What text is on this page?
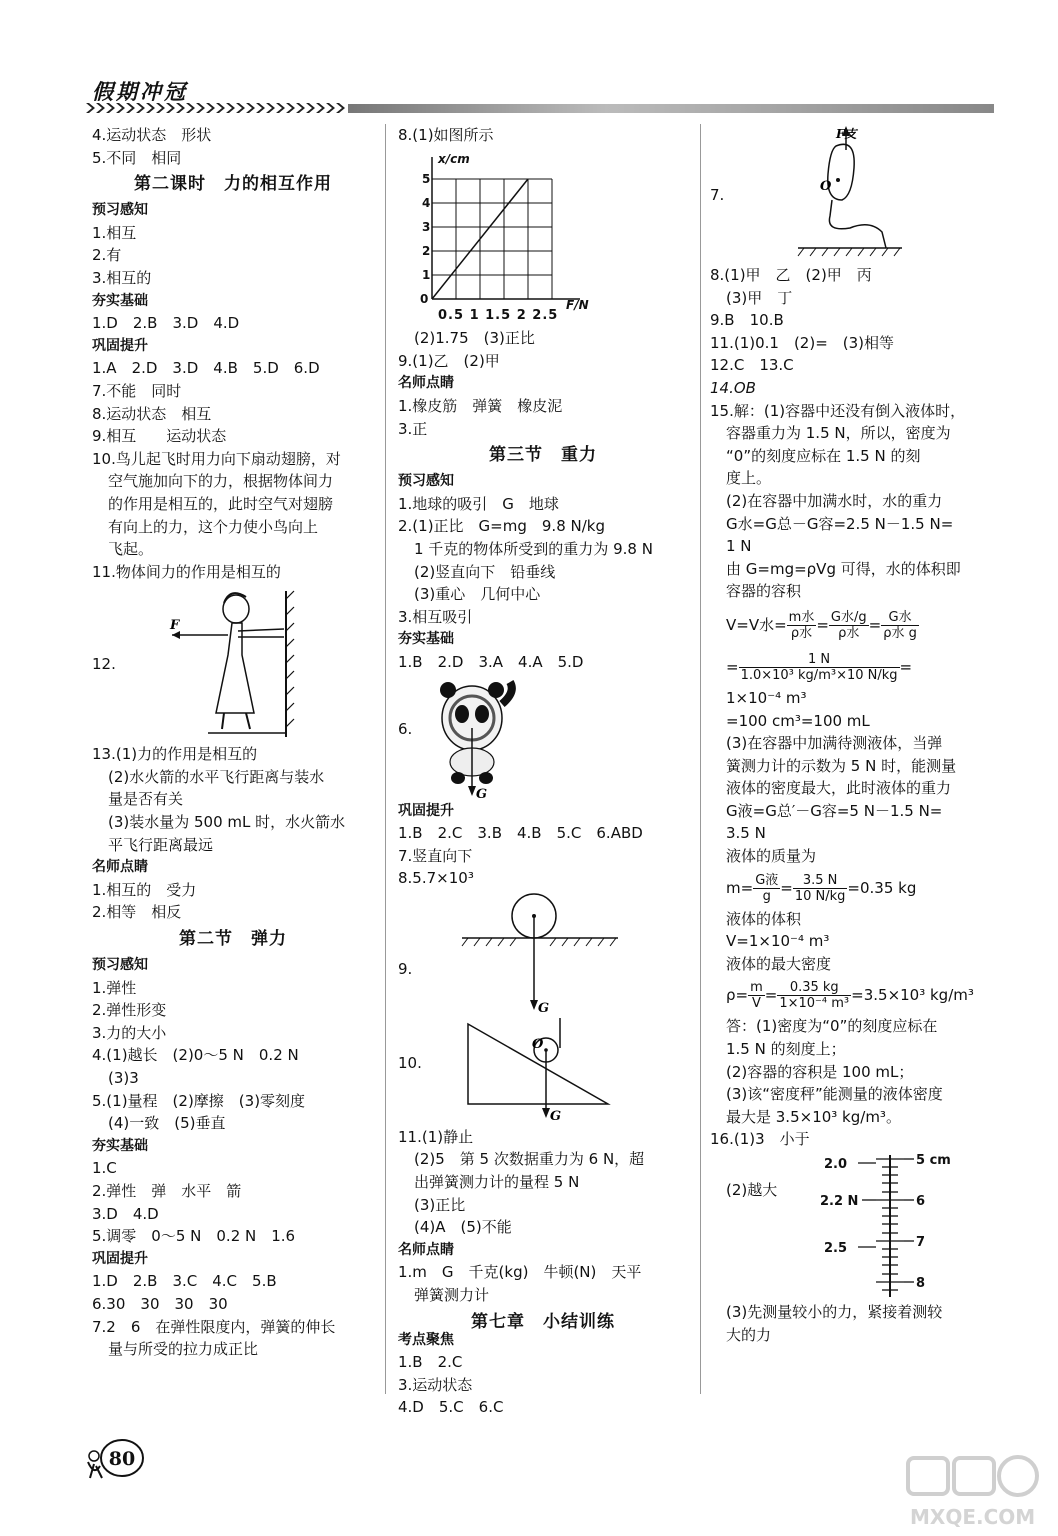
假期冲冠
4.运动状态　形状
5.不同　相同
第二课时　力的相互作用
预习感知
1.相互
2.有
3.相互的
夯实基础
1.D　2.B　3.D　4.D
巩固提升
1.A　2.D　3.D　4.B　5.D　6.D
7.不能　同时
8.运动状态　相互
9.相互　　运动状态
10.鸟儿起飞时用力向下扇动翅膀，对
空气施加向下的力，根据物体间力
的作用是相互的，此时空气对翅膀
有向上的力，这个力使小鸟向上
飞起。
11.物体间力的作用是相互的
12.
F
13.(1)力的作用是相互的
(2)水火箭的水平飞行距离与装水
量是否有关
(3)装水量为 500 mL 时，水火箭水
平飞行距离最远
名师点睛
1.相互的　受力
2.相等　相反
第二节　弹力
预习感知
1.弹性
2.弹性形变
3.力的大小
4.(1)越长　(2)0～5 N　0.2 N
(3)3
5.(1)量程　(2)摩擦　(3)零刻度
(4)一致　(5)垂直
夯实基础
1.C
2.弹性　弹　水平　箭
3.D　4.D
5.调零　0～5 N　0.2 N　1.6
巩固提升
1.D　2.B　3.C　4.C　5.B
6.30　30　30　30
7.2　6　在弹性限度内，弹簧的伸长
量与所受的拉力成正比
8.(1)如图所示
x/cm
F/N
0
1
2
3
4
5
0.5 1 1.5 2 2.5
(2)1.75　(3)正比
9.(1)乙　(2)甲
名师点睛
1.橡皮筋　弹簧　橡皮泥
3.正
第三节　重力
预习感知
1.地球的吸引　G　地球
2.(1)正比　G=mg　9.8 N/kg
1 千克的物体所受到的重力为 9.8 N
(2)竖直向下　铅垂线
(3)重心　几何中心
3.相互吸引
夯实基础
1.B　2.D　3.A　4.A　5.D
6.
G
巩固提升
1.B　2.C　3.B　4.B　5.C　6.ABD
7.竖直向下
8.5.7×10³
9.
G
10.
O
G
11.(1)静止
(2)5　第 5 次数据重力为 6 N，超
出弹簧测力计的量程 5 N
(3)正比
(4)A　(5)不能
名师点睛
1.m　G　千克(kg)　牛顿(N)　天平
弹簧测力计
第七章　小结训练
考点聚焦
1.B　2.C
3.运动状态
4.D　5.C　6.C
7.
F支
O
8.(1)甲　乙　(2)甲　丙
(3)甲　丁
9.B　10.B
11.(1)0.1　(2)=　(3)相等
12.C　13.C
14.OB
15.解：(1)容器中还没有倒入液体时，
容器重力为 1.5 N，所以，密度为
“0”的刻度应标在 1.5 N 的刻
度上。
(2)在容器中加满水时，水的重力
G水=G总－G容=2.5 N－1.5 N=
1 N
由 G=mg=ρVg 可得，水的体积即
容器的容积
V=V水= $\frac{\text{m水}}{\text{ρ水}} = \frac{\text{G水/g}}{\text{ρ水}} = \frac{\text{G水}}{\text{ρ水 g}}$
= $\frac{1 N}{\text{1.0×10³ kg/m³×10 N/kg}}$ =
1×10⁻⁴ m³
=100 cm³=100 mL
(3)在容器中加满待测液体，当弹
簧测力计的示数为 5 N 时，能测量
液体的密度最大，此时液体的重力
G液=G总′－G容=5 N－1.5 N=
3.5 N
液体的质量为
$m= \frac{\text{G液}}{g} = \frac{3.5 N}{10 N/kg} =0.35$ kg
液体的体积
V=1×10⁻⁴ m³
液体的最大密度
$\rho= \frac{m}{V} = \frac{0.35 kg}{\text{1×10⁻⁴ m³}} =3.5\times 10^3$ kg/m³
答：(1)密度为“0”的刻度应标在
1.5 N 的刻度上；
(2)容器的容积是 100 mL；
(3)该“密度秤”能测量的液体密度
最大是 3.5×10³ kg/m³。
16.(1)3　小于
(2)越大
2.0
2.2 N
2.5
5 cm
6
7
8
(3)先测量较小的力，紧接着测较
大的力
80
MXQE.COM
